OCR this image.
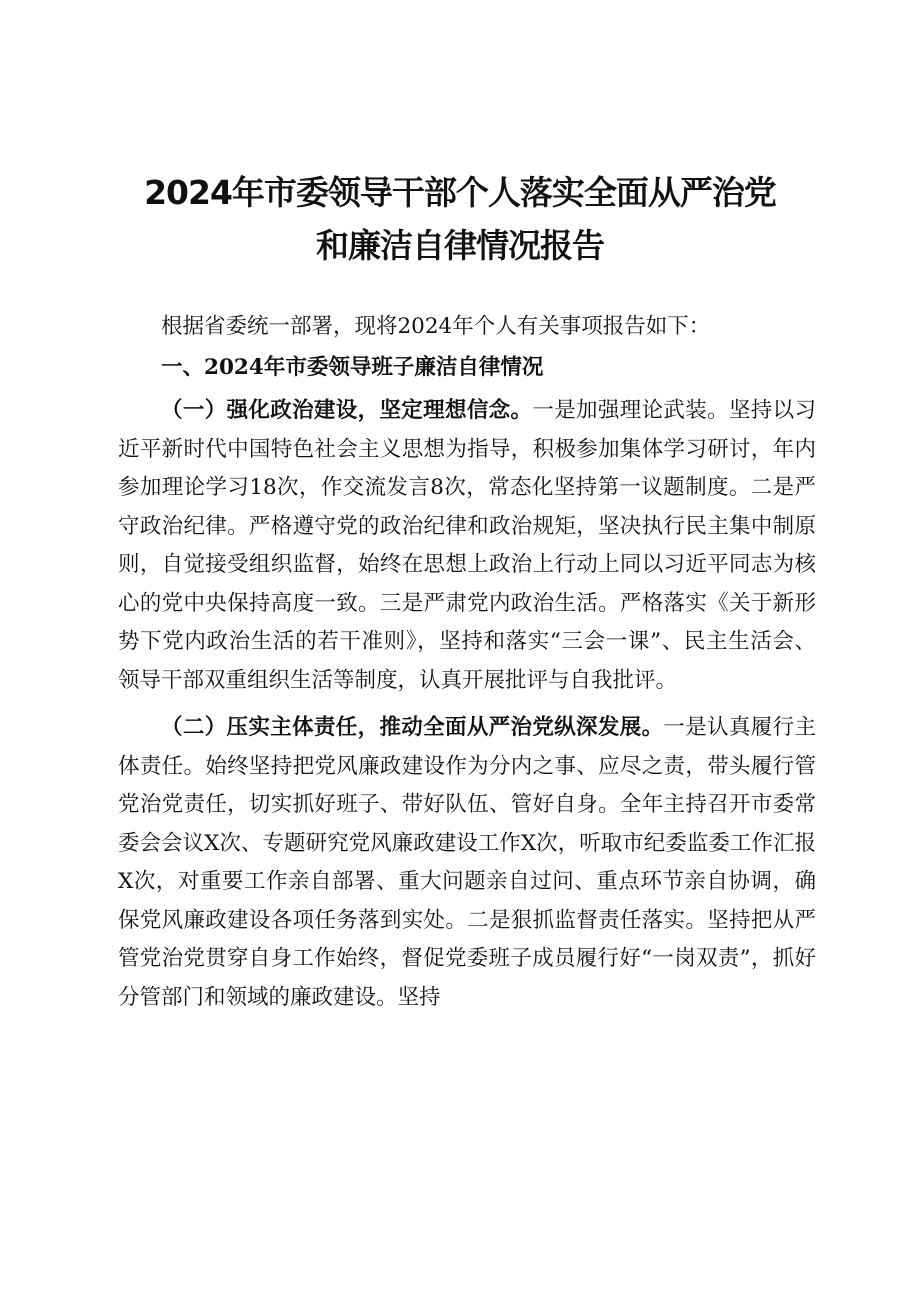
2024年市委领导干部个人落实全面从严治党
和廉洁自律情况报告

根据省委统一部署，现将2024年个人有关事项报告如下：

一、2024年市委领导班子廉洁自律情况

（一）强化政治建设，坚定理想信念。一是加强理论武装。坚持以习近平新时代中国特色社会主义思想为指导，积极参加集体学习研讨，年内参加理论学习18次，作交流发言8次，常态化坚持第一议题制度。二是严守政治纪律。严格遵守党的政治纪律和政治规矩，坚决执行民主集中制原则，自觉接受组织监督，始终在思想上政治上行动上同以习近平同志为核心的党中央保持高度一致。三是严肃党内政治生活。严格落实《关于新形势下党内政治生活的若干准则》，坚持和落实“三会一课”、民主生活会、领导干部双重组织生活等制度，认真开展批评与自我批评。

（二）压实主体责任，推动全面从严治党纵深发展。一是认真履行主体责任。始终坚持把党风廉政建设作为分内之事、应尽之责，带头履行管党治党责任，切实抓好班子、带好队伍、管好自身。全年主持召开市委常委会会议X次、专题研究党风廉政建设工作X次，听取市纪委监委工作汇报X次，对重要工作亲自部署、重大问题亲自过问、重点环节亲自协调，确保党风廉政建设各项任务落到实处。二是狠抓监督责任落实。坚持把从严管党治党贯穿自身工作始终，督促党委班子成员履行好“一岗双责”，抓好分管部门和领域的廉政建设。坚持
